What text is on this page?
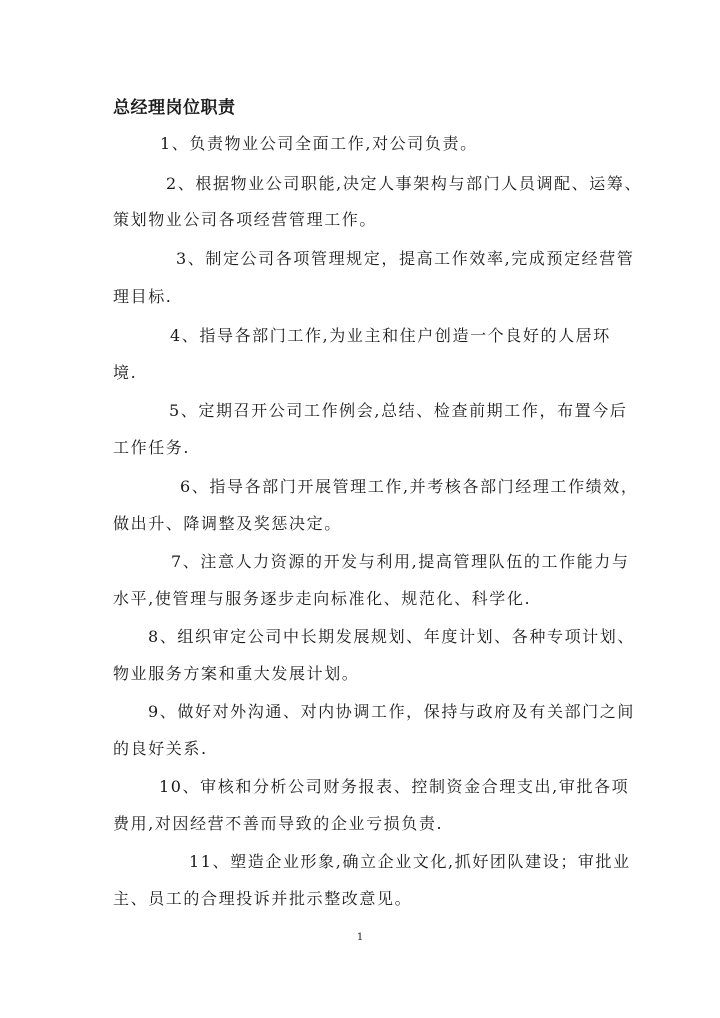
总经理岗位职责
1、负责物业公司全面工作,对公司负责。
2、根据物业公司职能,决定人事架构与部门人员调配、运筹、
策划物业公司各项经营管理工作。
3、制定公司各项管理规定，提高工作效率,完成预定经营管
理目标.
4、指导各部门工作,为业主和住户创造一个良好的人居环
境.
5、定期召开公司工作例会,总结、检查前期工作，布置今后
工作任务.
6、指导各部门开展管理工作,并考核各部门经理工作绩效，
做出升、降调整及奖惩决定。
7、注意人力资源的开发与利用,提高管理队伍的工作能力与
水平,使管理与服务逐步走向标准化、规范化、科学化.
8、组织审定公司中长期发展规划、年度计划、各种专项计划、
物业服务方案和重大发展计划。
9、做好对外沟通、对内协调工作，保持与政府及有关部门之间
的良好关系.
10、审核和分析公司财务报表、控制资金合理支出,审批各项
费用,对因经营不善而导致的企业亏损负责.
11、塑造企业形象,确立企业文化,抓好团队建设；审批业
主、员工的合理投诉并批示整改意见。
1
